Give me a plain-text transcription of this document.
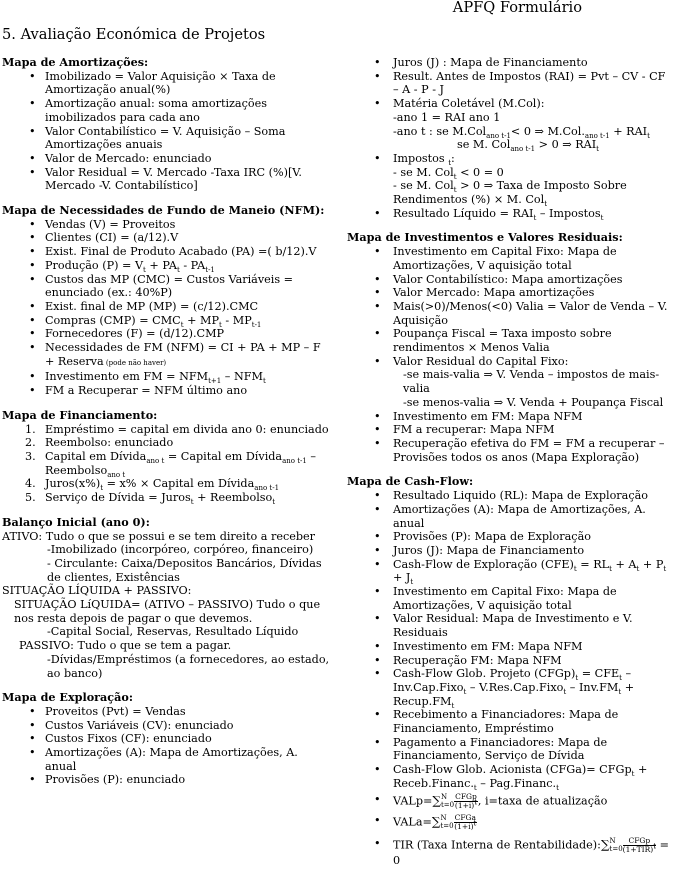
APFQ Formulário
5. Avaliação Económica de Projetos

Mapa de Amortizações:

• Imobilizado = Valor Aquisição × Taxa de Amortização anual(%)
• Amortização anual: soma amortizações imobilizados para cada ano
• Valor Contabilístico = V. Aquisição – Soma Amortizações anuais
• Valor de Mercado: enunciado
• Valor Residual = V. Mercado -Taxa IRC (%)[V. Mercado -V. Contabilístico]

Mapa de Necessidades de Fundo de Maneio (NFM):

• Vendas (V) = Proveitos
• Clientes (CI) = (a/12).V
• Exist. Final de Produto Acabado (PA) =( b/12).V
• Produção $(P) = V_t + PA_t - PA_{t-1}$
• Custos das MP (CMC) = Custos Variáveis = enunciado (ex.: 40%P)
• Exist. final de MP (MP) = (c/12).CMC
• Compras $(CMP) = CMC_t + MP_t - MP_{t-1}$
• Fornecedores (F) = (d/12).CMP
• Necessidades de FM (NFM) = CI + PA + MP – F + Reserva (pode não haver)
• Investimento em FM = $NFM_{t+1} - NFM_t$
• FM a Recuperar = NFM último ano

Mapa de Financiamento:

1. Empréstimo = capital em divida ano 0: enunciado
2. Reembolso: enunciado
3. Capital em Dívida$_{ano t}$ = Capital em Dívida$_{ano t-1}$ – Reembolso$_{ano t}$
4. $Juros(x\%)_t = x\%$ × Capital em Dívida$_{ano t-1}$
5. Serviço de Dívida = Juros$_t$ + Reembolso$_t$

Balanço Inicial (ano 0):

ATIVO: Tudo o que se possui e se tem direito a receber
-Imobilizado (incorpóreo, corpóreo, financeiro)
- Circulante: Caixa/Depositos Bancários, Dívidas de clientes, Existências
SITUAÇÃO LÍQUIDA + PASSIVO:
SITUAÇÃO LíQUIDA= (ATIVO – PASSIVO) Tudo o que nos resta depois de pagar o que devemos.
-Capital Social, Reservas, Resultado Líquido
PASSIVO: Tudo o que se tem a pagar.
-Dívidas/Empréstimos (a fornecedores, ao estado, ao banco)

Mapa de Exploração:

• Proveitos (Pvt) = Vendas
• Custos Variáveis (CV): enunciado
• Custos Fixos (CF): enunciado
• Amortizações (A): Mapa de Amortizações, A. anual
• Provisões (P): enunciado
• Juros (J) : Mapa de Financiamento
• Result. Antes de Impostos (RAI) = Pvt – CV - CF – A - P - J
• Matéria Coletável (M.Col):
-ano 1 = RAI ano 1
-ano t : se M.Col$_{ano t-1}$< 0 ⇒ $M.Col._{ano t-1} + RAI_t$
se M. Col$_{ano t-1}$ > 0 ⇒ $RAI_t$
• Impostos $_t$:
- se M. Col$_t$ < 0 = 0
- se M. Col$_t$ > 0 ⇒ Taxa de Imposto Sobre Rendimentos (%) × M. Col$_t$
• Resultado Líquido = $RAI_t$ – Impostos$_t$

Mapa de Investimentos e Valores Residuais:

• Investimento em Capital Fixo: Mapa de Amortizações, V aquisição total
• Valor Contabilístico: Mapa amortizações
• Valor Mercado: Mapa amortizações
• Mais(>0)/Menos(<0) Valia = Valor de Venda – V. Aquisição
• Poupança Fiscal = Taxa imposto sobre rendimentos × Menos Valia
• Valor Residual do Capital Fixo:
-se mais-valia ⇒ V. Venda – impostos de mais-valia
-se menos-valia ⇒ V. Venda + Poupança Fiscal
• Investimento em FM: Mapa NFM
• FM a recuperar: Mapa NFM
• Recuperação efetiva do FM = FM a recuperar – Provisões todos os anos (Mapa Exploração)

Mapa de Cash-Flow:

• Resultado Liquido (RL): Mapa de Exploração
• Amortizações (A): Mapa de Amortizações, A. anual
• Provisões (P): Mapa de Exploração
• Juros (J): Mapa de Financiamento
• Cash-Flow de Exploração $(CFE)_t = RL_t + A_t + P_t + J_t$
• Investimento em Capital Fixo: Mapa de Amortizações, V aquisição total
• Valor Residual: Mapa de Investimento e V. Residuais
• Investimento em FM: Mapa NFM
• Recuperação FM: Mapa NFM
• Cash-Flow Glob. Projeto $(CFGp)_t = CFE_t$ – Inv.Cap.Fixo$_t$ – V.Res.Cap.Fixo$_t$ – $Inv.FM_t$ + $Recup.FM_t$
• Recebimento a Financiadores: Mapa de Financiamento, Empréstimo
• Pagamento a Financiadores: Mapa de Financiamento, Serviço de Dívida
• Cash-Flow Glob. Acionista (CFGa)= CFGp$_t$ + $Receb.Financ._t$ – $Pag.Financ._t$
• VALp=∑ N
$t=0 \frac{\text{CFGp}}{(1+i)^t}$ , i=taxa de atualização
• VALa=∑ N
$t=0 \frac{\text{CFGa}}{(1+i)^t}$
• TIR (Taxa Interna de Rentabilidade):∑ N
$t=0 \frac{\text{CFGp}}{(1+TIR)^t} = 0$
